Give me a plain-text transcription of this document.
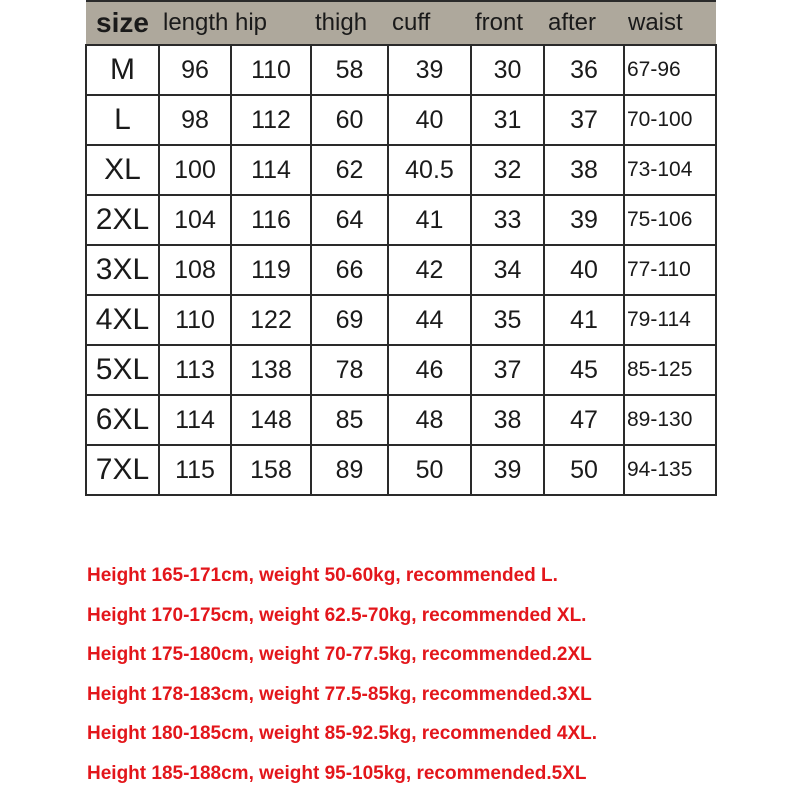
size	length	hip	thigh	cuff	front	after	waist
M	96	110	58	39	30	36	67-96
L	98	112	60	40	31	37	70-100
XL	100	114	62	40.5	32	38	73-104
2XL	104	116	64	41	33	39	75-106
3XL	108	119	66	42	34	40	77-110
4XL	110	122	69	44	35	41	79-114
5XL	113	138	78	46	37	45	85-125
6XL	114	148	85	48	38	47	89-130
7XL	115	158	89	50	39	50	94-135
Height 165-171cm, weight 50-60kg, recommended L.
Height 170-175cm, weight 62.5-70kg, recommended XL.
Height 175-180cm, weight 70-77.5kg, recommended.2XL
Height 178-183cm, weight 77.5-85kg, recommended.3XL
Height 180-185cm, weight 85-92.5kg, recommended 4XL.
Height 185-188cm, weight 95-105kg, recommended.5XL
